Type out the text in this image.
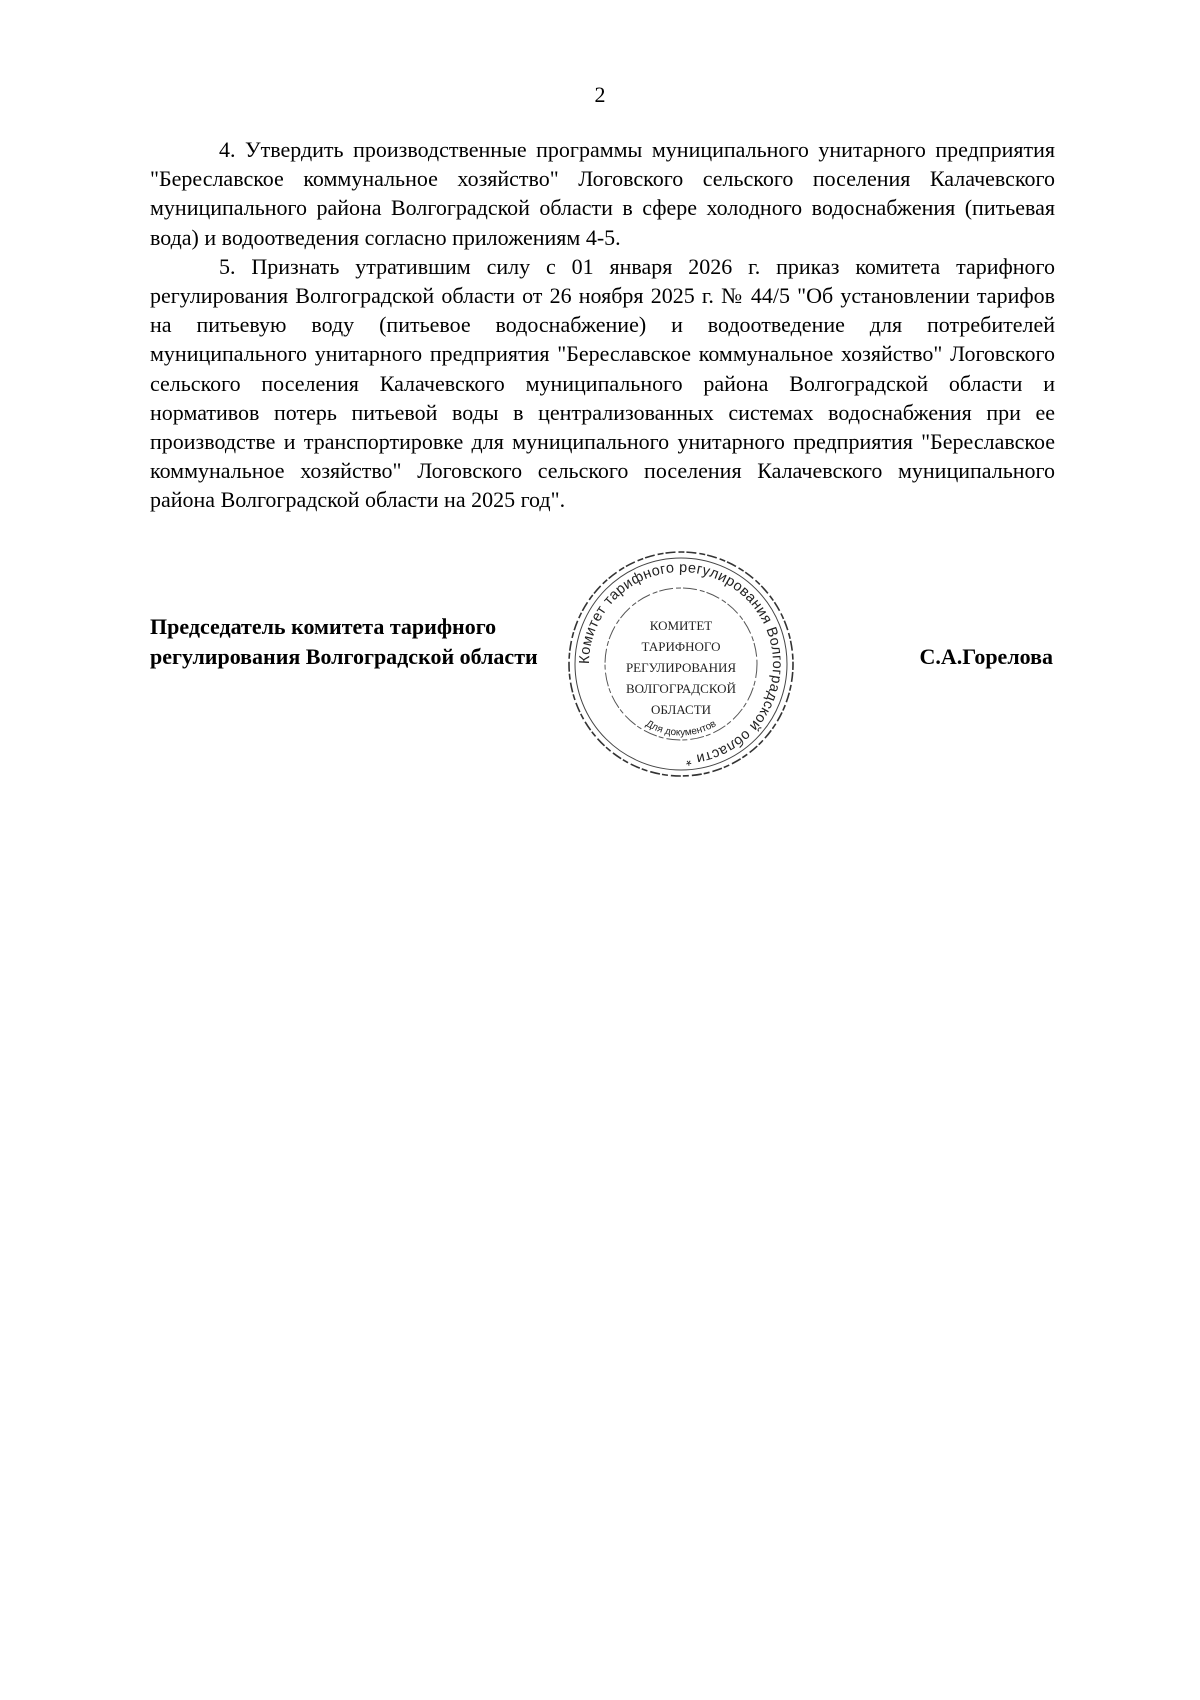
2

4. Утвердить производственные программы муниципального унитарного предприятия "Береславское коммунальное хозяйство" Логовского сельского поселения Калачевского муниципального района Волгоградской области в сфере холодного водоснабжения (питьевая вода) и водоотведения согласно приложениям 4-5.

5. Признать утратившим силу с 01 января 2026 г. приказ комитета тарифного регулирования Волгоградской области от 26 ноября 2025 г. № 44/5 "Об установлении тарифов на питьевую воду (питьевое водоснабжение) и водоотведение для потребителей муниципального унитарного предприятия "Береславское коммунальное хозяйство" Логовского сельского поселения Калачевского муниципального района Волгоградской области и нормативов потерь питьевой воды в централизованных системах водоснабжения при ее производстве и транспортировке для муниципального унитарного предприятия "Береславское коммунальное хозяйство" Логовского сельского поселения Калачевского муниципального района Волгоградской области на 2025 год".

Председатель комитета тарифного
регулирования Волгоградской области	Комитет тарифного регулирования Волгоградской области *
КОМИТЕТ
ТАРИФНОГО
РЕГУЛИРОВАНИЯ
ВОЛГОГРАДСКОЙ
ОБЛАСТИ
Для документов
С.А.Горелова
